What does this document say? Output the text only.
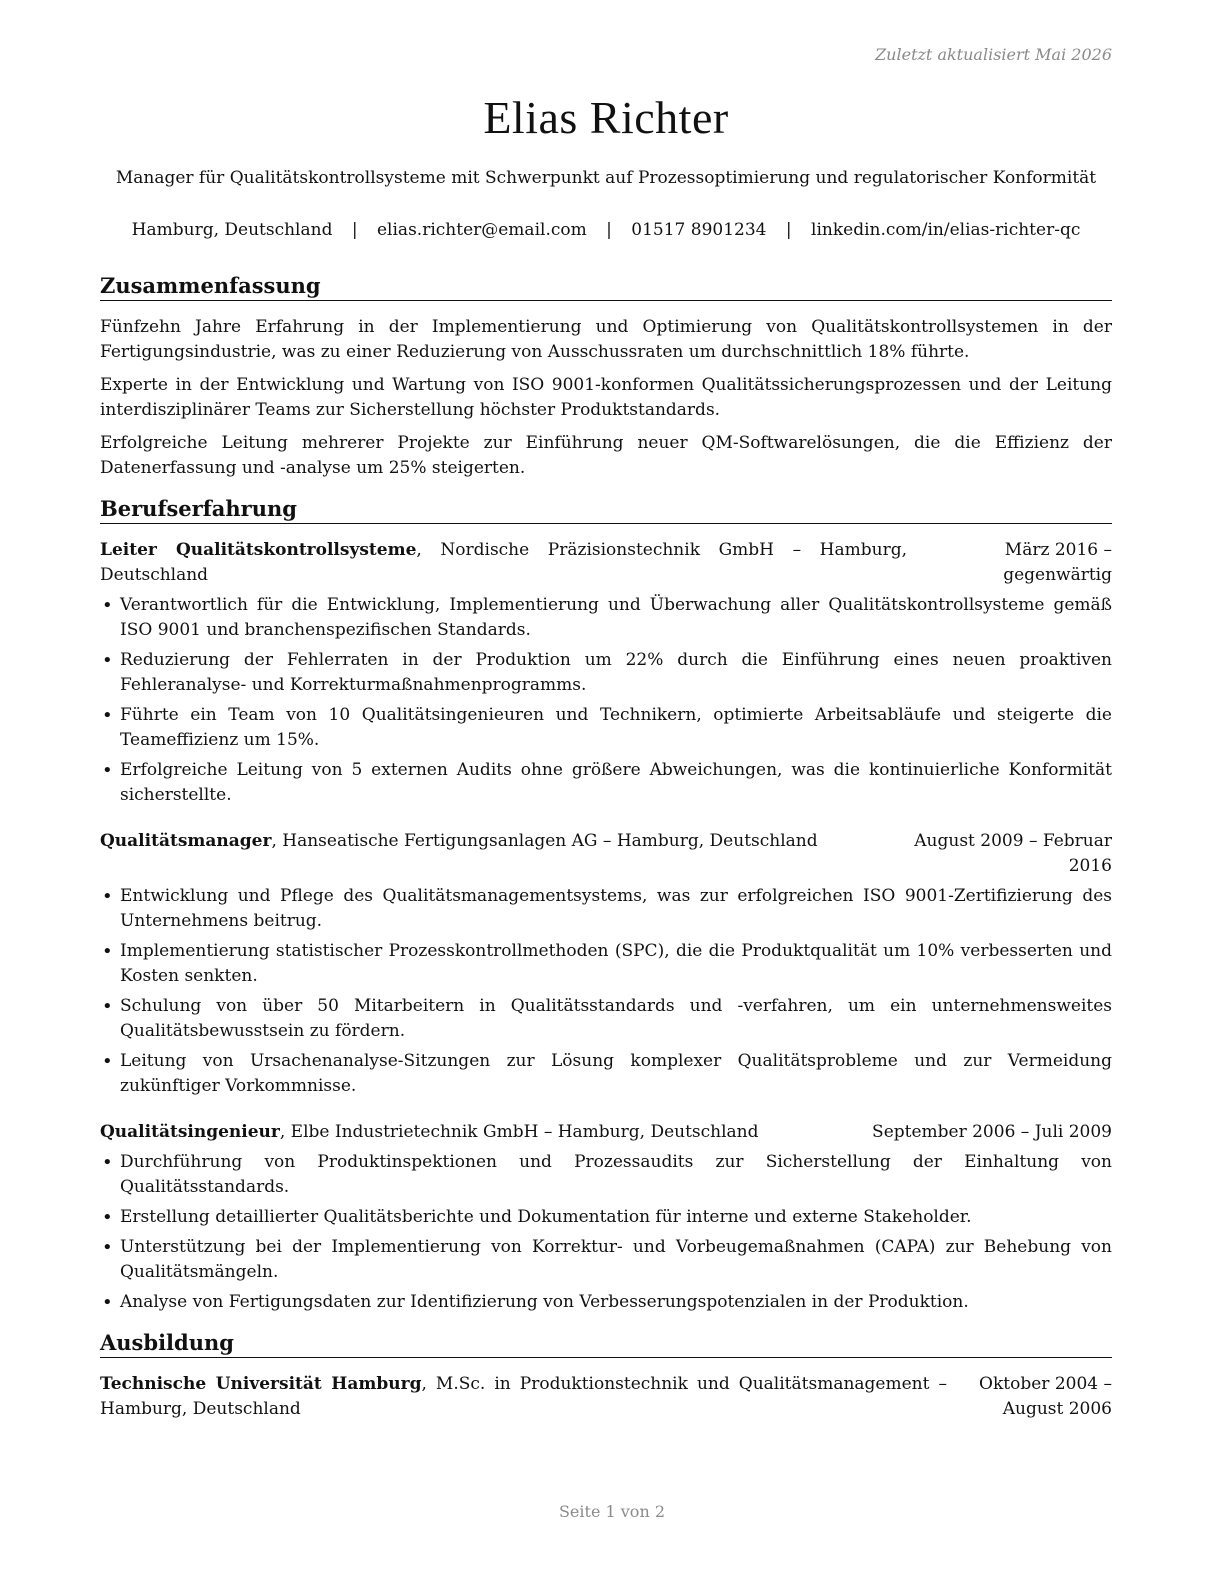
Zuletzt aktualisiert Mai 2026
Elias Richter
Manager für Qualitätskontrollsysteme mit Schwerpunkt auf Prozessoptimierung und regulatorischer Konformität
Hamburg, Deutschland | elias.richter@email.com | 01517 8901234 | linkedin.com/in/elias-richter-qc
Zusammenfassung

Fünfzehn Jahre Erfahrung in der Implementierung und Optimierung von Qualitätskontrollsystemen in der Fertigungsindustrie, was zu einer Reduzierung von Ausschussraten um durchschnittlich 18% führte.

Experte in der Entwicklung und Wartung von ISO 9001-konformen Qualitätssicherungsprozessen und der Leitung interdisziplinärer Teams zur Sicherstellung höchster Produktstandards.

Erfolgreiche Leitung mehrerer Projekte zur Einführung neuer QM-Softwarelösungen, die die Effizienz der Datenerfassung und -analyse um 25% steigerten.

Berufserfahrung
Leiter Qualitätskontrollsysteme, Nordische Präzisionstechnik GmbH – Hamburg, Deutschland
März 2016 – gegenwärtig
• Verantwortlich für die Entwicklung, Implementierung und Überwachung aller Qualitätskontrollsysteme gemäß ISO 9001 und branchenspezifischen Standards.
• Reduzierung der Fehlerraten in der Produktion um 22% durch die Einführung eines neuen proaktiven Fehleranalyse- und Korrekturmaßnahmenprogramms.
• Führte ein Team von 10 Qualitätsingenieuren und Technikern, optimierte Arbeitsabläufe und steigerte die Teameffizienz um 15%.
• Erfolgreiche Leitung von 5 externen Audits ohne größere Abweichungen, was die kontinuierliche Konformität sicherstellte.
Qualitätsmanager, Hanseatische Fertigungsanlagen AG – Hamburg, Deutschland	August 2009 – Februar 2016
• Entwicklung und Pflege des Qualitätsmanagementsystems, was zur erfolgreichen ISO 9001-Zertifizierung des Unternehmens beitrug.
• Implementierung statistischer Prozesskontrollmethoden (SPC), die die Produktqualität um 10% verbesserten und Kosten senkten.
• Schulung von über 50 Mitarbeitern in Qualitätsstandards und -verfahren, um ein unternehmensweites Qualitätsbewusstsein zu fördern.
• Leitung von Ursachenanalyse-Sitzungen zur Lösung komplexer Qualitätsprobleme und zur Vermeidung zukünftiger Vorkommnisse.
Qualitätsingenieur, Elbe Industrietechnik GmbH – Hamburg, Deutschland	September 2006 – Juli 2009
• Durchführung von Produktinspektionen und Prozessaudits zur Sicherstellung der Einhaltung von Qualitätsstandards.
• Erstellung detaillierter Qualitätsberichte und Dokumentation für interne und externe Stakeholder.
• Unterstützung bei der Implementierung von Korrektur- und Vorbeugemaßnahmen (CAPA) zur Behebung von Qualitätsmängeln.
• Analyse von Fertigungsdaten zur Identifizierung von Verbesserungspotenzialen in der Produktion.
Ausbildung
Technische Universität Hamburg, M.Sc. in Produktionstechnik und Qualitätsmanagement – Hamburg, Deutschland
Oktober 2004 – August 2006
Seite 1 von 2
